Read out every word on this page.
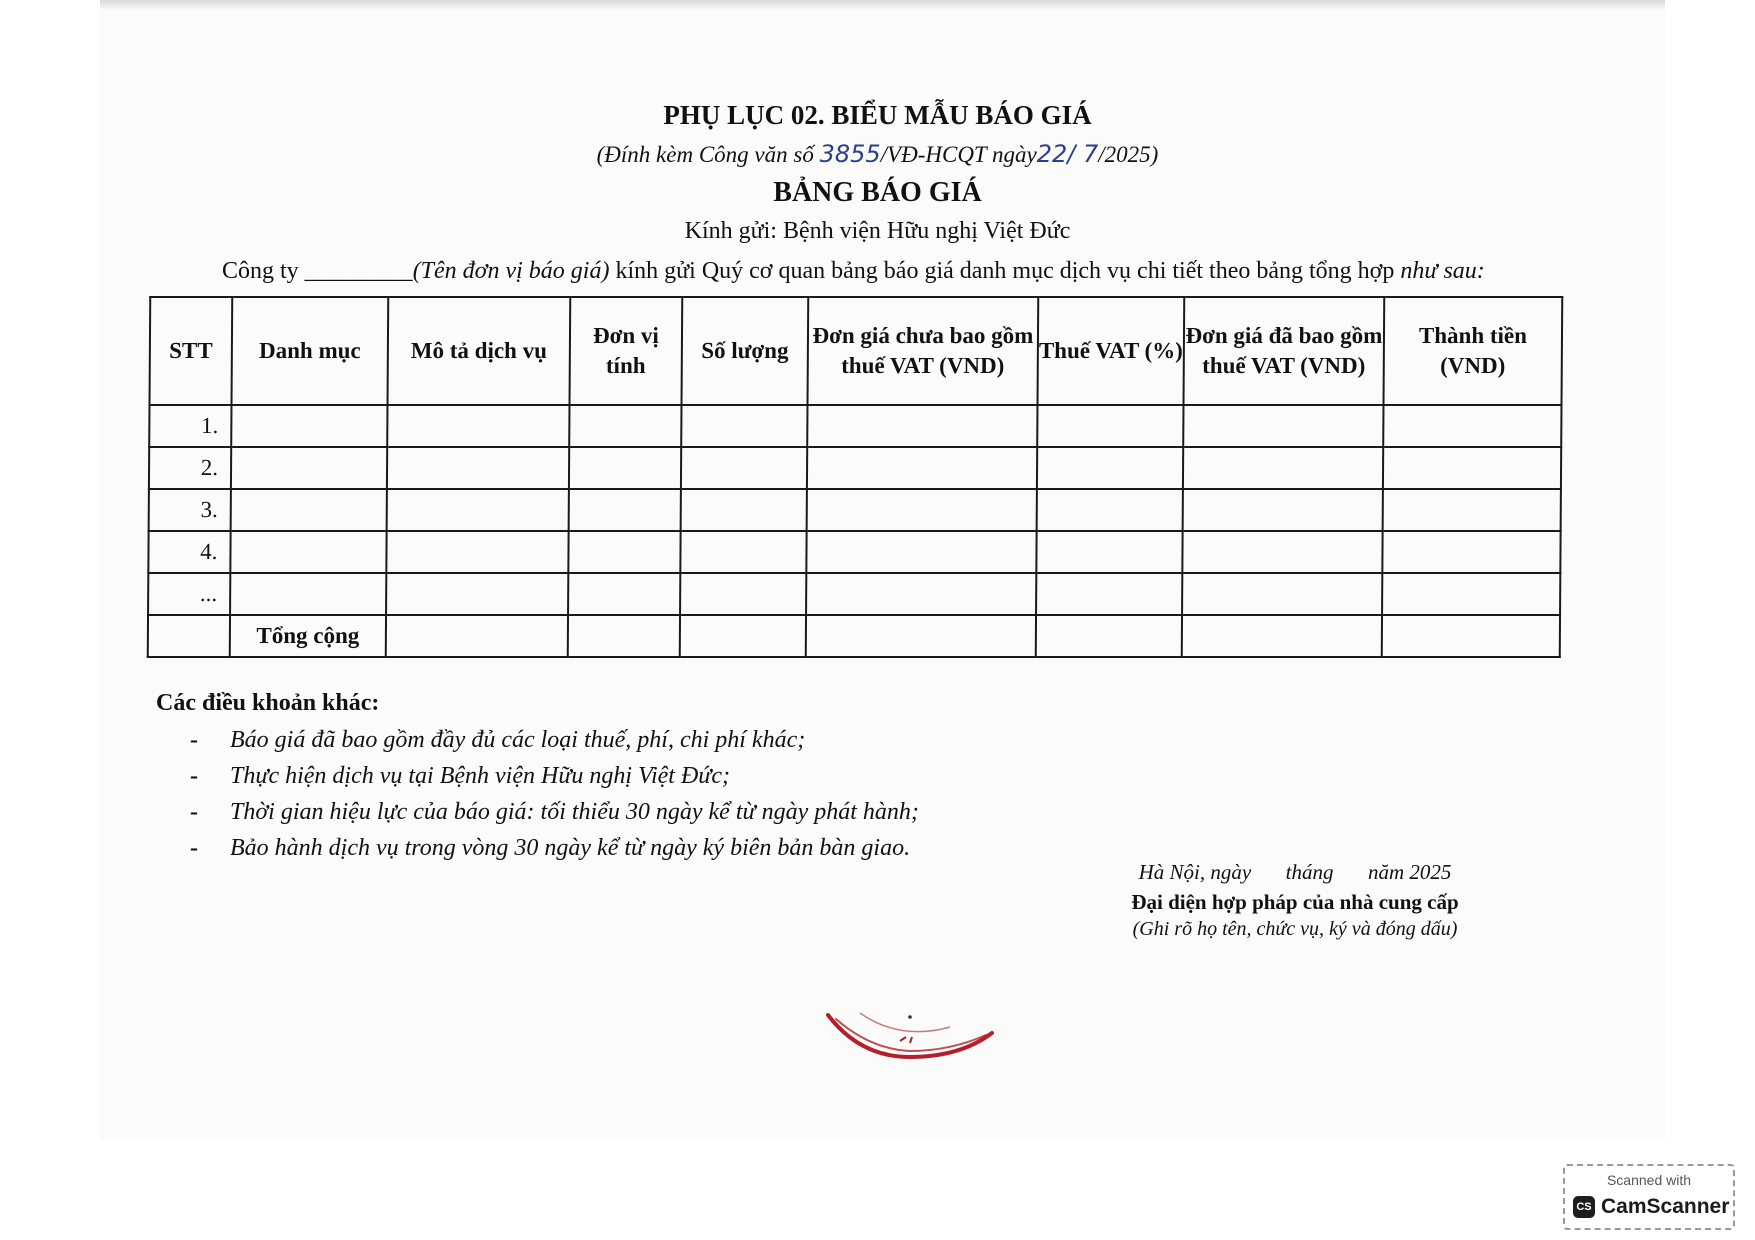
PHỤ LỤC 02. BIỂU MẪU BÁO GIÁ
(Đính kèm Công văn số 3855/VĐ-HCQT ngày22/ 7/2025)
BẢNG BÁO GIÁ
Kính gửi: Bệnh viện Hữu nghị Việt Đức
Công ty _________(Tên đơn vị báo giá) kính gửi Quý cơ quan bảng báo giá danh mục dịch vụ chi tiết theo bảng tổng hợp như sau:
STT	Danh mục	Mô tả dịch vụ	Đơn vị tính	Số lượng	Đơn giá chưa bao gồm thuế VAT (VND)	Thuế VAT (%)	Đơn giá đã bao gồm thuế VAT (VND)	Thành tiền (VND)
1.								
2.								
3.								
4.								
...								
	Tổng cộng							
Các điều khoản khác:
- Báo giá đã bao gồm đầy đủ các loại thuế, phí, chi phí khác;
- Thực hiện dịch vụ tại Bệnh viện Hữu nghị Việt Đức;
- Thời gian hiệu lực của báo giá: tối thiểu 30 ngày kể từ ngày phát hành;
- Bảo hành dịch vụ trong vòng 30 ngày kể từ ngày ký biên bản bàn giao.
Hà Nội, ngày tháng năm 2025
Đại diện hợp pháp của nhà cung cấp
(Ghi rõ họ tên, chức vụ, ký và đóng dấu)
Scanned with
CS CamScanner
